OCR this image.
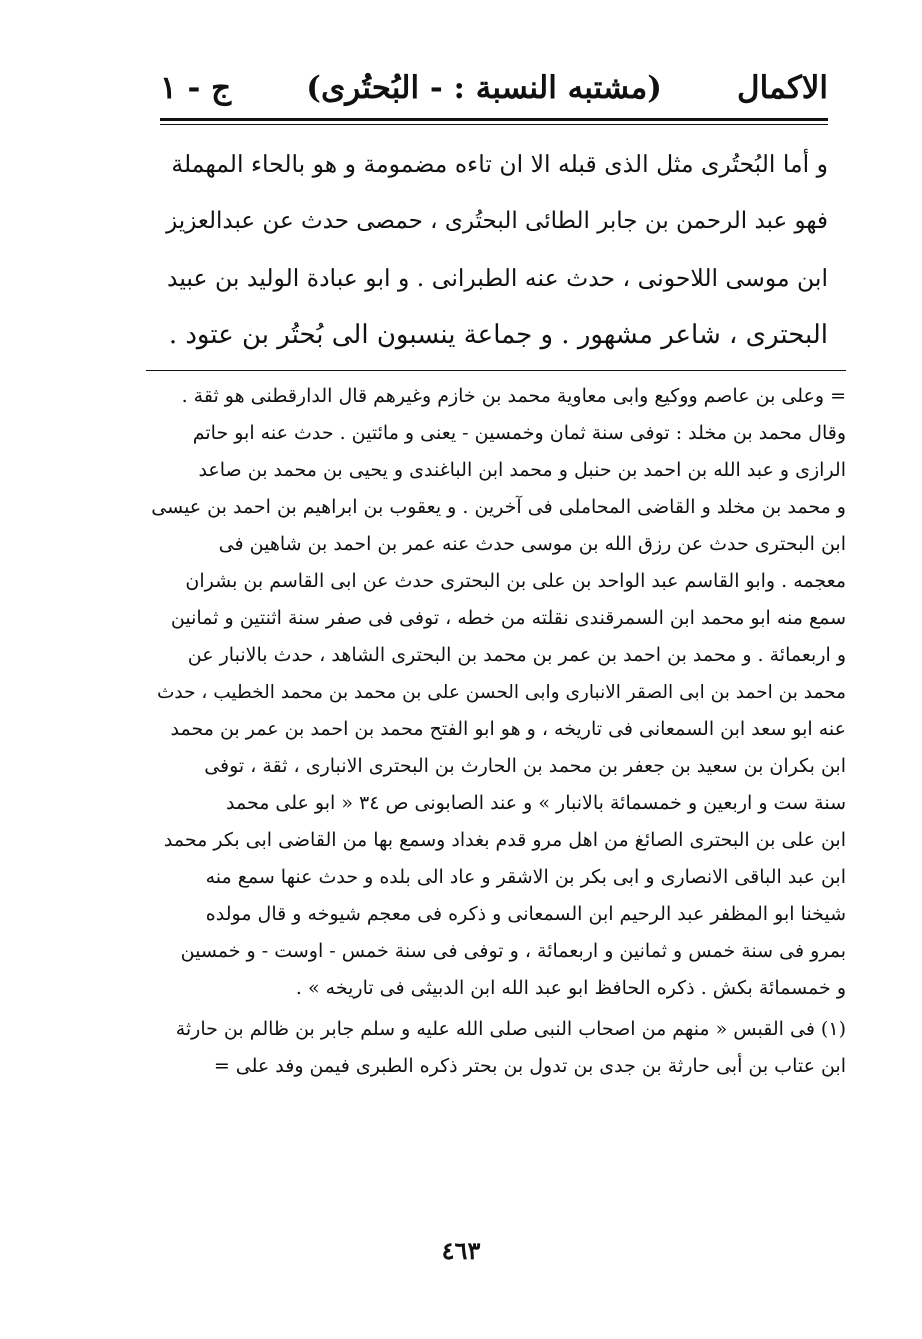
الاكمال
(مشتبه النسبة : - البُحتُرى)
ج - ١

و أما البُحتُرى مثل الذى قبله الا ان تاءه مضمومة و هو بالحاء المهملة

فهو عبد الرحمن بن جابر الطائى البحتُرى ، حمصى حدث عن عبدالعزيز

ابن موسى اللاحونى ، حدث عنه الطبرانى . و ابو عبادة الوليد بن عبيد

البحترى ، شاعر مشهور . و جماعة ينسبون الى بُحتُر بن عتود .

= وعلى بن عاصم ووكيع وابى معاوية محمد بن خازم وغيرهم قال الدارقطنى هو ثقة .

وقال محمد بن مخلد : توفى سنة ثمان وخمسين - يعنى و مائتين . حدث عنه ابو حاتم

الرازى و عبد الله بن احمد بن حنبل و محمد ابن الباغندى و يحيى بن محمد بن صاعد

و محمد بن مخلد و القاضى المحاملى فى آخرين . و يعقوب بن ابراهيم بن احمد بن عيسى

ابن البحترى حدث عن رزق الله بن موسى حدث عنه عمر بن احمد بن شاهين فى

معجمه . وابو القاسم عبد الواحد بن على بن البحترى حدث عن ابى القاسم بن بشران

سمع منه ابو محمد ابن السمرقندى نقلته من خطه ، توفى فى صفر سنة اثنتين و ثمانين

و اربعمائة . و محمد بن احمد بن عمر بن محمد بن البحترى الشاهد ، حدث بالانبار عن

محمد بن احمد بن ابى الصقر الانبارى وابى الحسن على بن محمد بن محمد الخطيب ، حدث

عنه ابو سعد ابن السمعانى فى تاريخه ، و هو ابو الفتح محمد بن احمد بن عمر بن محمد

ابن بكران بن سعيد بن جعفر بن محمد بن الحارث بن البحترى الانبارى ، ثقة ، توفى

سنة ست و اربعين و خمسمائة بالانبار » و عند الصابونى ص ٣٤ « ابو على محمد

ابن على بن البحترى الصائغ من اهل مرو قدم بغداد وسمع بها من القاضى ابى بكر محمد

ابن عبد الباقى الانصارى و ابى بكر بن الاشقر و عاد الى بلده و حدث عنها سمع منه

شيخنا ابو المظفر عبد الرحيم ابن السمعانى و ذكره فى معجم شيوخه و قال مولده

بمرو فى سنة خمس و ثمانين و اربعمائة ، و توفى فى سنة خمس - اوست - و خمسين

و خمسمائة بكش . ذكره الحافظ ابو عبد الله ابن الدبيثى فى تاريخه » .

(١) فى القبس « منهم من اصحاب النبى صلى الله عليه و سلم جابر بن ظالم بن حارثة

ابن عتاب بن أبى حارثة بن جدى بن تدول بن بحتر ذكره الطبرى فيمن وفد على =

٤٦٣
